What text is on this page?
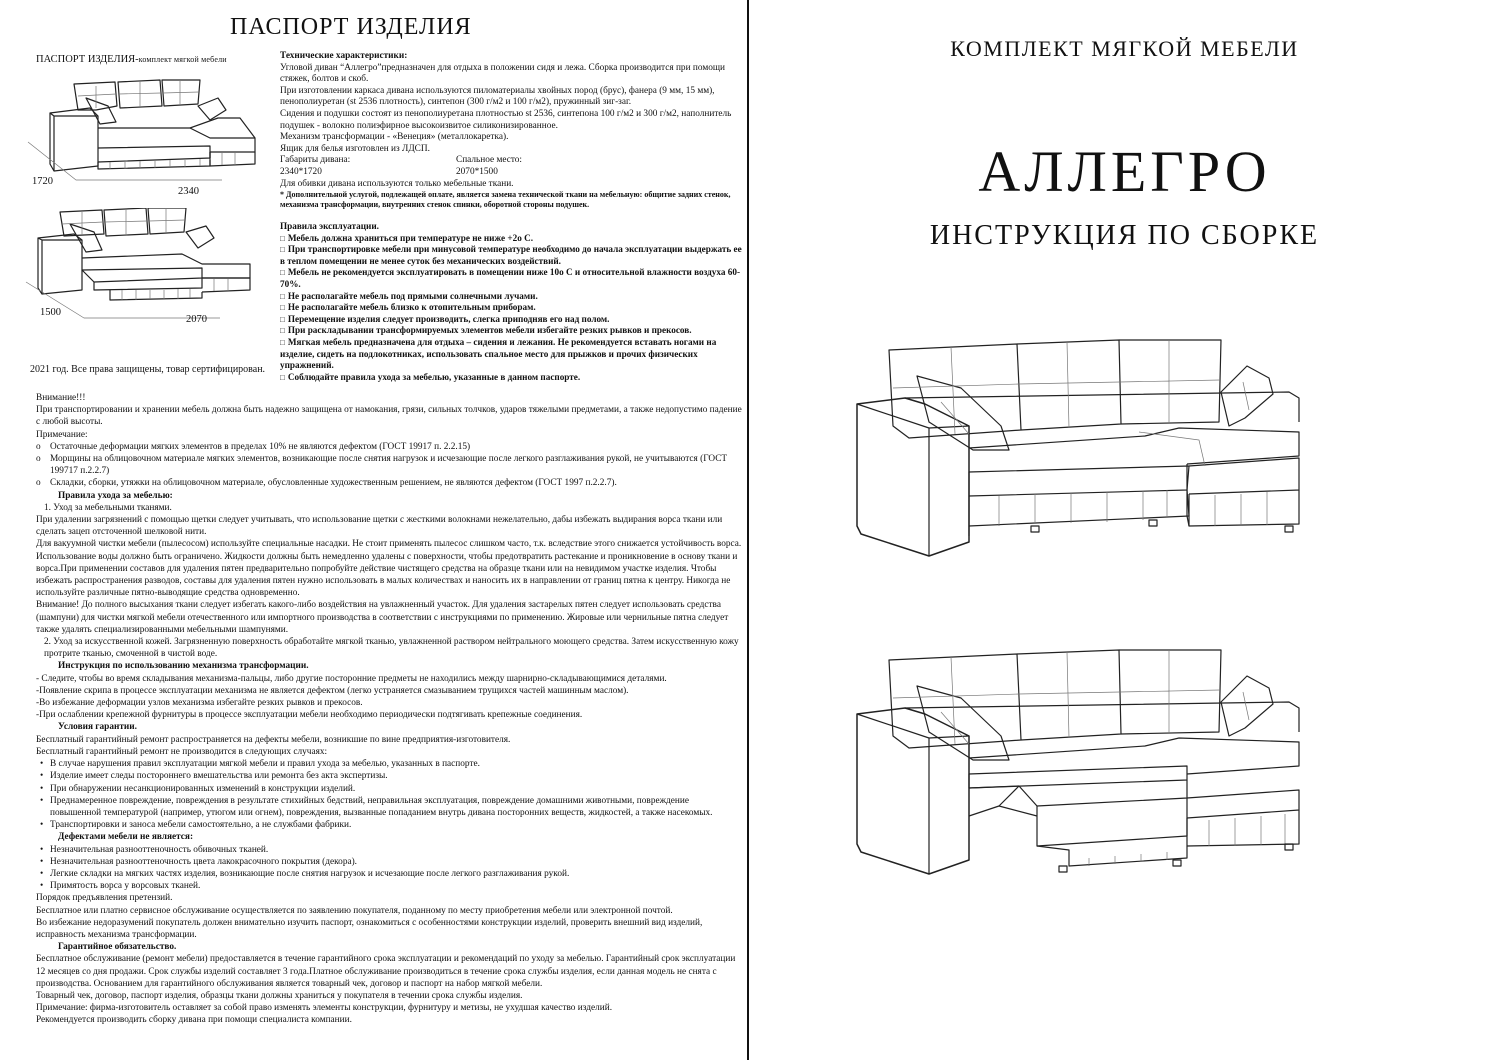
ПАСПОРТ ИЗДЕЛИЯ
ПАСПОРТ ИЗДЕЛИЯ-комплект мягкой мебели
1720
2340
1500
2070
2021 год. Все права защищены, товар сертифицирован.
Технические характеристики:
Угловой диван “Аллегро”предназначен для отдыха в положении сидя и лежа. Сборка производится при помощи стяжек, болтов и скоб.
При изготовлении каркаса дивана используются пиломатериалы хвойных пород (брус), фанера (9 мм, 15 мм), пенополиуретан (st 2536 плотность), синтепон (300 г/м2 и 100 г/м2), пружинный зиг-заг.
Сидения и подушки состоят из пенополиуретана плотностью st 2536, синтепона 100 г/м2 и 300 г/м2, наполнитель подушек - волокно полиэфирное высокоизвитое силиконизированное.
Механизм трансформации - «Венеция» (металлокаретка).
Ящик для белья изготовлен из ЛДСП.
Габариты дивана:	Спальное место:
2340*1720	2070*1500
Для обивки дивана используются только мебельные ткани.
* Дополнительной услугой, подлежащей оплате, является замена технической ткани на мебельную: общитие задних стенок, механизма трансформации, внутренних стенок спинки, оборотной стороны подушек.
Правила эксплуатации.
□ Мебель должна храниться при температуре не ниже +2о С.
□ При транспортировке мебели при минусовой температуре необходимо до начала эксплуатации выдержать ее в теплом помещении не менее суток без механических воздействий.
□ Мебель не рекомендуется эксплуатировать в помещении ниже 10о С и относительной влажности воздуха 60-70%.
□ Не располагайте мебель под прямыми солнечными лучами.
□ Не располагайте мебель близко к отопительным приборам.
□ Перемещение изделия следует производить, слегка приподняв его над полом.
□ При раскладывании трансформируемых элементов мебели избегайте резких рывков и прекосов.
□ Мягкая мебель предназначена для отдыха – сидения и лежания. Не рекомендуется вставать ногами на изделие, сидеть на подлокотниках, использовать спальное место для прыжков и прочих физических упражнений.
□ Соблюдайте правила ухода за мебелью, указанные в данном паспорте.
Внимание!!!
При транспортировании и хранении мебель должна быть надежно защищена от намокания, грязи, сильных толчков, ударов тяжелыми предметами, а также недопустимо падение с любой высоты.
Примечание:
o Остаточные деформации мягких элементов в пределах 10% не являются дефектом (ГОСТ 19917 п. 2.2.15)
o Морщины на облицовочном материале мягких элементов, возникающие после снятия нагрузок и исчезающие после легкого разглаживания рукой, не учитываются (ГОСТ 199717 п.2.2.7)
o Складки, сборки, утяжки на облицовочном материале, обусловленные художественным решением, не являются дефектом (ГОСТ 1997 п.2.2.7).
Правила ухода за мебелью:
1. Уход за мебельными тканями.
При удалении загрязнений с помощью щетки следует учитывать, что использование щетки с жесткими волокнами нежелательно, дабы избежать выдирания ворса ткани или сделать зацеп отсточенной шелковой нити.
Для вакуумной чистки мебели (пылесосом) используйте специальные насадки. Не стоит применять пылесос слишком часто, т.к. вследствие этого снижается устойчивость ворса. Использование воды должно быть ограничено. Жидкости должны быть немедленно удалены с поверхности, чтобы предотвратить растекание и проникновение в основу ткани и ворса.При применении составов для удаления пятен предварительно попробуйте действие чистящего средства на образце ткани или на невидимом участке изделия. Чтобы избежать распространения разводов, составы для удаления пятен нужно использовать в малых количествах и наносить их в направлении от границ пятна к центру. Никогда не используйте различные пятно-выводящие средства одновременно.
Внимание! До полного высыхания ткани следует избегать какого-либо воздействия на увлажненный участок. Для удаления застарелых пятен следует использовать средства (шампуни) для чистки мягкой мебели отечественного или импортного производства в соответствии с инструкциями по применению. Жировые или чернильные пятна следует также удалять специализированными мебельными шампунями.
2. Уход за искусственной кожей. Загрязненную поверхность обработайте мягкой тканью, увлажненной раствором нейтрального моющего средства. Затем искусственную кожу протрите тканью, смоченной в чистой воде.
Инструкция по использованию механизма трансформации.
- Следите, чтобы во время складывания механизма-пальцы, либо другие посторонние предметы не находились между шарнирно-складывающимися деталями.
-Появление скрипа в процессе эксплуатации механизма не является дефектом (легко устраняется смазыванием трущихся частей машинным маслом).
-Во избежание деформации узлов механизма избегайте резких рывков и прекосов.
-При ослаблении крепежной фурнитуры в процессе эксплуатации мебели необходимо периодически подтягивать крепежные соединения.
Условия гарантии.
Бесплатный гарантийный ремонт распространяется на дефекты мебели, возникшие по вине предприятия-изготовителя.
Бесплатный гарантийный ремонт не производится в следующих случаях:
• В случае нарушения правил эксплуатации мягкой мебели и правил ухода за мебелью, указанных в паспорте.
• Изделие имеет следы постороннего вмешательства или ремонта без акта экспертизы.
• При обнаружении несанкционированных изменений в конструкции изделий.
• Преднамеренное повреждение, повреждения в результате стихийных бедствий, неправильная эксплуатация, повреждение домашними животными, повреждение повышенной температурой (например, утюгом или огнем), повреждения, вызванные попаданием внутрь дивана посторонних веществ, жидкостей, а также насекомых.
• Транспортировки и заноса мебели самостоятельно, а не службами фабрики.
Дефектами мебели не является:
• Незначительная разнооттеночность обивочных тканей.
• Незначительная разнооттеночность цвета лакокрасочного покрытия (декора).
• Легкие складки на мягких частях изделия, возникающие после снятия нагрузок и исчезающие после легкого разглаживания рукой.
• Примятость ворса у ворсовых тканей.
Порядок предъявления претензий.
Бесплатное или платно сервисное обслуживание осуществляется по заявлению покупателя, поданному по месту приобретения мебели или электронной почтой.
Во избежание недоразумений покупатель должен внимательно изучить паспорт, ознакомиться с особенностями конструкции изделий, проверить внешний вид изделий, исправность механизма трансформации.
Гарантийное обязательство.
Бесплатное обслуживание (ремонт мебели) предоставляется в течение гарантийного срока эксплуатации и рекомендаций по уходу за мебелью. Гарантийный срок эксплуатации 12 месяцев со дня продажи. Срок службы изделий составляет 3 года.Платное обслуживание производиться в течение срока службы изделия, если данная модель не снята с производства. Основанием для гарантийного обслуживания является товарный чек, договор и паспорт на набор мягкой мебели.
Товарный чек, договор, паспорт изделия, образцы ткани должны храниться у покупателя в течении срока службы изделия.
Примечание: фирма-изготовитель оставляет за собой право изменять элементы конструкции, фурнитуру и метизы, не ухудшая качество изделий.
Рекомендуется производить сборку дивана при помощи специалиста компании.
КОМПЛЕКТ МЯГКОЙ МЕБЕЛИ
АЛЛЕГРО
ИНСТРУКЦИЯ ПО СБОРКЕ
